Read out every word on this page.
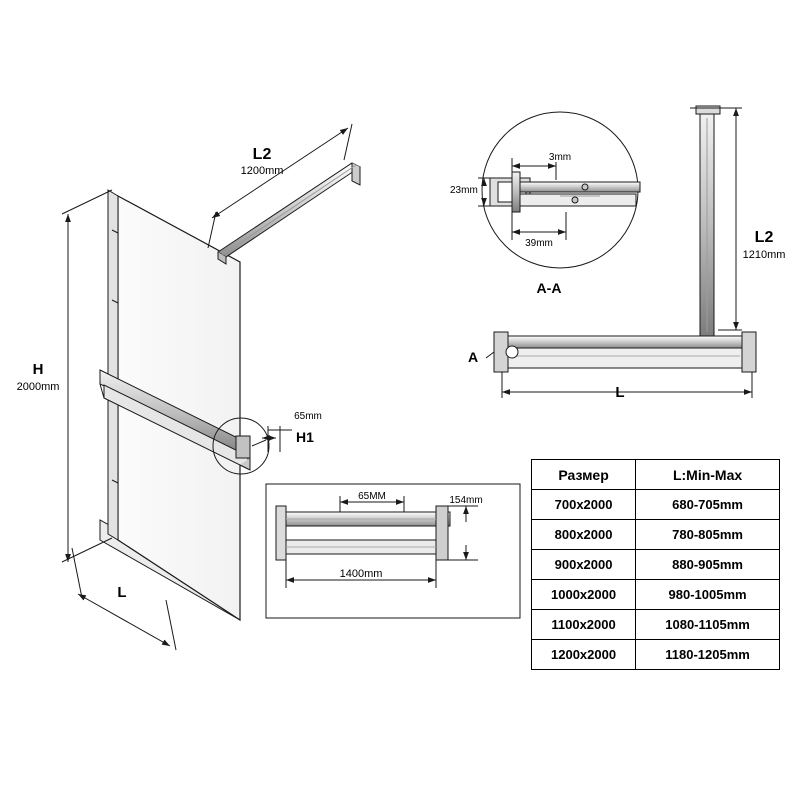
L2
1200mm
H
2000mm
L
65mm
H1
65MM	154mm
1400mm
3mm
23mm
39mm
A-A
A
L
L2
1210mm
Размер	L:Min-Max
700x2000	680-705mm
800x2000	780-805mm
900x2000	880-905mm
1000x2000	980-1005mm
1100x2000	1080-1105mm
1200x2000	1180-1205mm
